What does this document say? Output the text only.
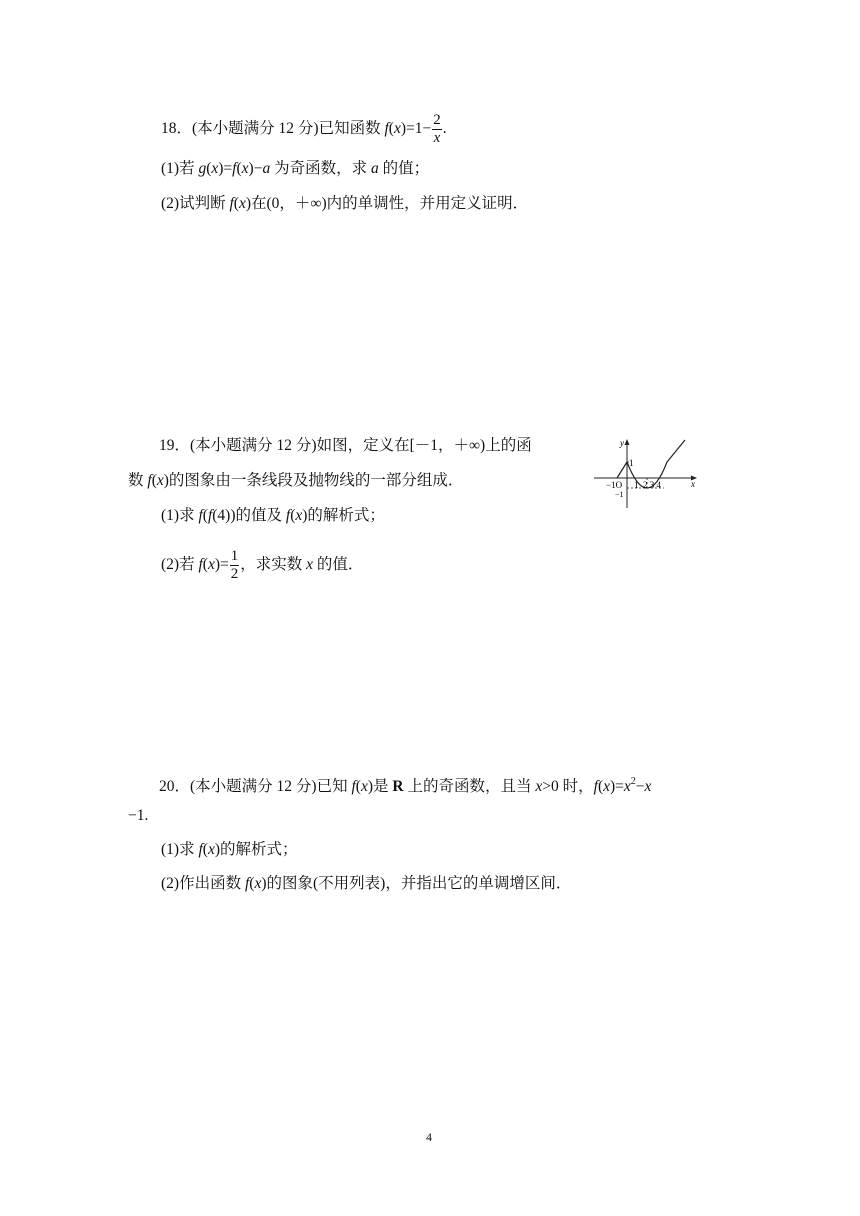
18．(本小题满分 12 分)已知函数 $f(x)=1- \frac{2}{x}$ .
(1)若 g(x)=f(x)−a 为奇函数，求 a 的值；
(2)试判断 f(x)在(0，＋∞)内的单调性，并用定义证明．
19．(本小题满分 12 分)如图，定义在[－1，＋∞)上的函
数 f(x)的图象由一条线段及抛物线的一部分组成．
(1)求 f(f(4))的值及 f(x)的解析式；
(2)若 $f(x)= \frac{1}{2}$ ，求实数 x 的值．
y
x
1
−1
−1O 1  2 3 4
20．(本小题满分 12 分)已知 f(x)是 R 上的奇函数，且当 x>0 时，$f(x)=x^2-x$
−1.
(1)求 f(x)的解析式；
(2)作出函数 f(x)的图象(不用列表)，并指出它的单调增区间．
4
